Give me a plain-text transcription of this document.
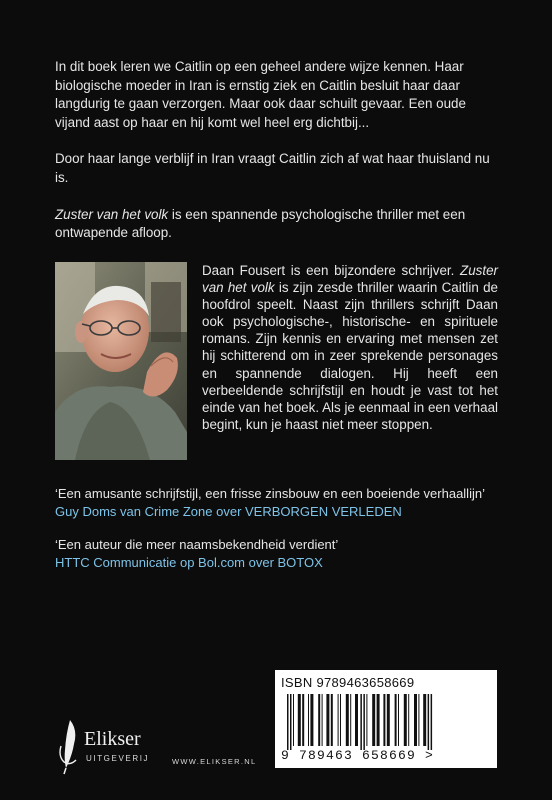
In dit boek leren we Caitlin op een geheel andere wijze kennen. Haar biologische moeder in Iran is ernstig ziek en Caitlin besluit haar daar langdurig te gaan verzorgen. Maar ook daar schuilt gevaar. Een oude vijand aast op haar en hij komt wel heel erg dichtbij...

Door haar lange verblijf in Iran vraagt Caitlin zich af wat haar thuisland nu is.

Zuster van het volk is een spannende psychologische thriller met een ontwapende afloop.

Daan Fousert is een bijzondere schrijver. Zuster van het volk is zijn zesde thriller waarin Caitlin de hoofdrol speelt. Naast zijn thrillers schrijft Daan ook psychologische-, historische- en spirituele romans. Zijn kennis en ervaring met mensen zet hij schitterend om in zeer sprekende personages en spannende dialogen. Hij heeft een verbeeldende schrijfstijl en houdt je vast tot het einde van het boek. Als je eenmaal in een verhaal begint, kun je haast niet meer stoppen.
‘Een amusante schrijfstijl, een frisse zinsbouw en een boeiende verhaallijn’
Guy Doms van Crime Zone over VERBORGEN VERLEDEN
‘Een auteur die meer naamsbekendheid verdient’
HTTC Communicatie op Bol.com over BOTOX
ISBN 9789463658669
9 789463 658669 >
Elikser
UITGEVERIJ	WWW.ELIKSER.NL
